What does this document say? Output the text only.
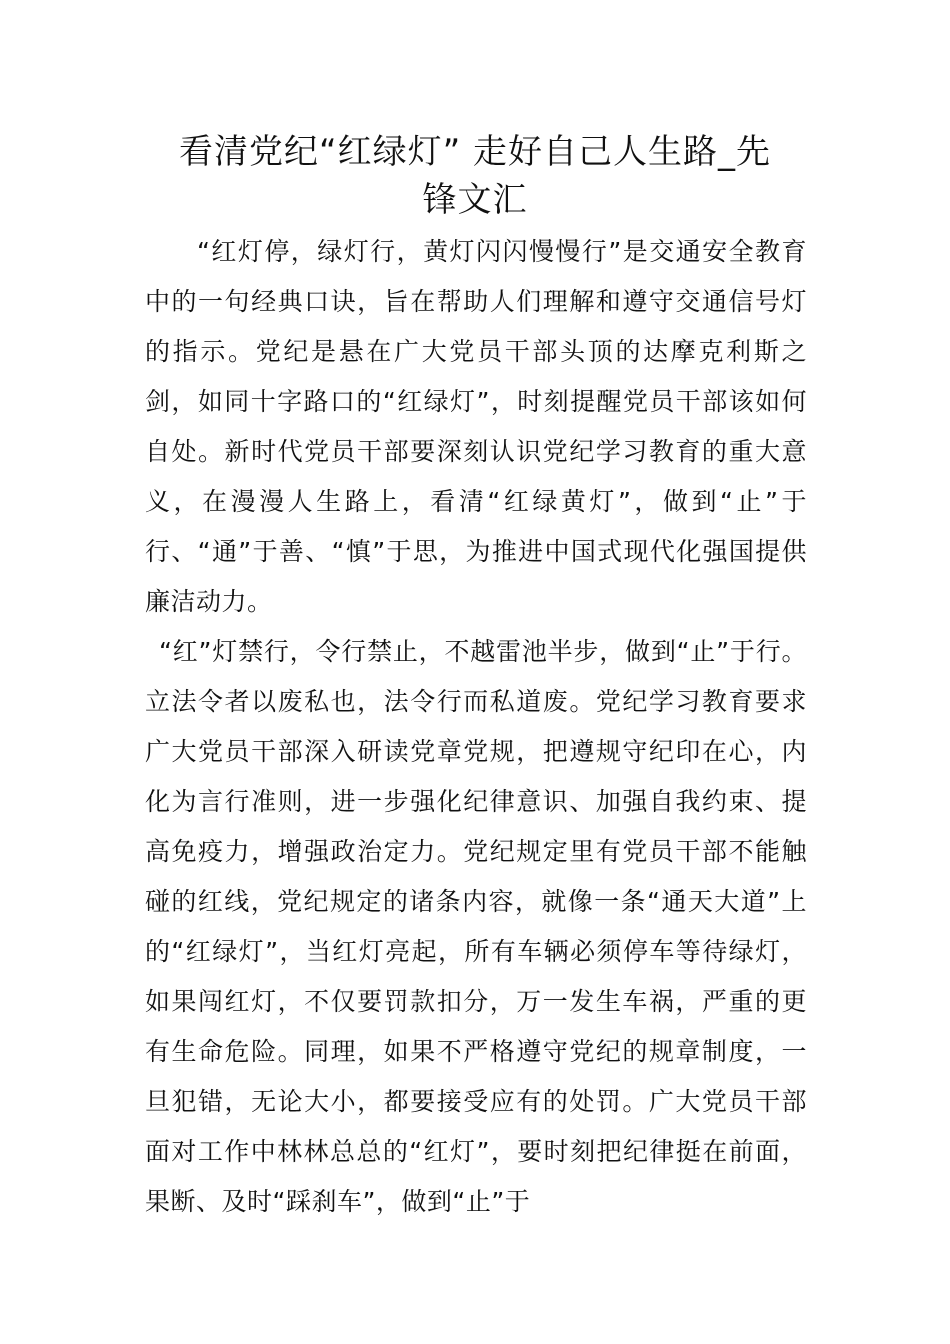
看清党纪“红绿灯” 走好自己人生路_先
锋文汇

“红灯停，绿灯行，黄灯闪闪慢慢行”是交通安全教育中的一句经典口诀，旨在帮助人们理解和遵守交通信号灯的指示。党纪是悬在广大党员干部头顶的达摩克利斯之剑，如同十字路口的“红绿灯”，时刻提醒党员干部该如何自处。新时代党员干部要深刻认识党纪学习教育的重大意义，在漫漫人生路上，看清“红绿黄灯”，做到“止”于行、“通”于善、“慎”于思，为推进中国式现代化强国提供廉洁动力。

“红”灯禁行，令行禁止，不越雷池半步，做到“止”于行。立法令者以废私也，法令行而私道废。党纪学习教育要求广大党员干部深入研读党章党规，把遵规守纪印在心，内化为言行准则，进一步强化纪律意识、加强自我约束、提高免疫力，增强政治定力。党纪规定里有党员干部不能触碰的红线，党纪规定的诸条内容，就像一条“通天大道”上的“红绿灯”，当红灯亮起，所有车辆必须停车等待绿灯，如果闯红灯，不仅要罚款扣分，万一发生车祸，严重的更有生命危险。同理，如果不严格遵守党纪的规章制度，一旦犯错，无论大小，都要接受应有的处罚。广大党员干部面对工作中林林总总的“红灯”，要时刻把纪律挺在前面，果断、及时“踩刹车”，做到“止”于
